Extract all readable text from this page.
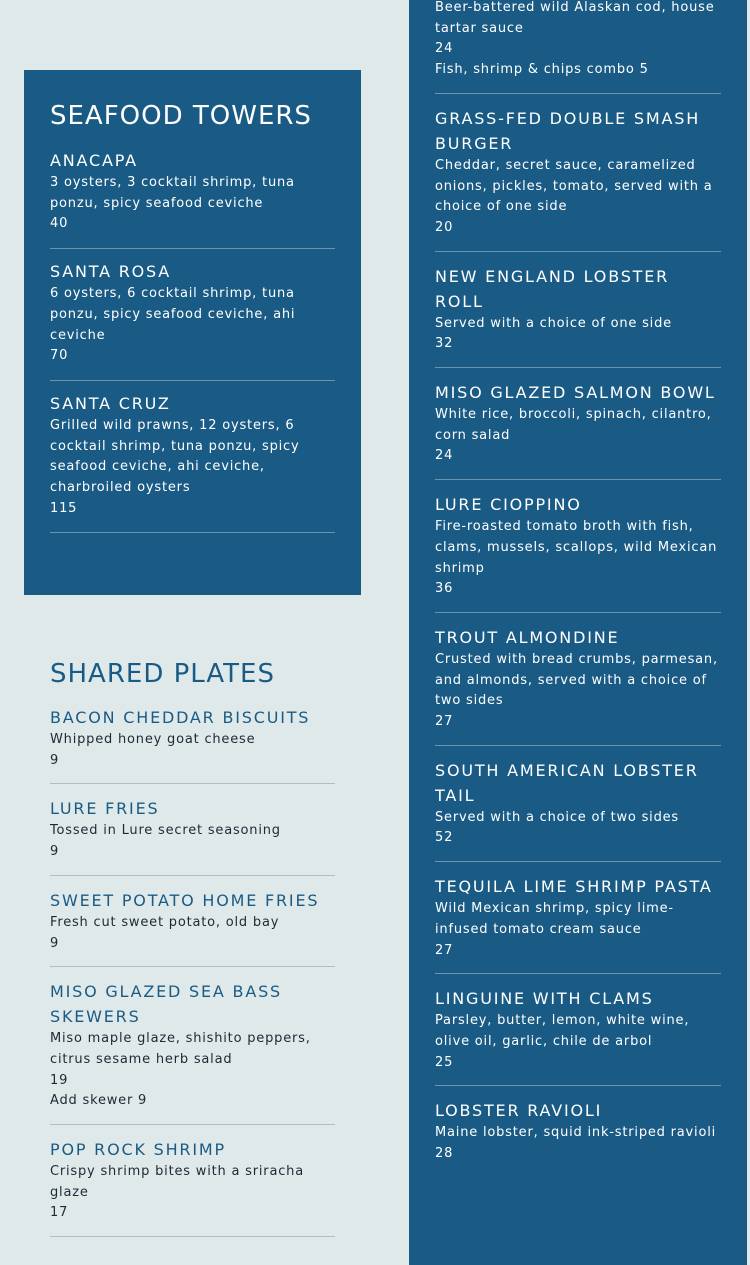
SEAFOOD TOWERS
ANACAPA
3 oysters, 3 cocktail shrimp, tuna ponzu, spicy seafood ceviche
40
SANTA ROSA
6 oysters, 6 cocktail shrimp, tuna ponzu, spicy seafood ceviche, ahi ceviche
70
SANTA CRUZ
Grilled wild prawns, 12 oysters, 6 cocktail shrimp, tuna ponzu, spicy seafood ceviche, ahi ceviche, charbroiled oysters
115
SHARED PLATES
BACON CHEDDAR BISCUITS
Whipped honey goat cheese
9
LURE FRIES
Tossed in Lure secret seasoning
9
SWEET POTATO HOME FRIES
Fresh cut sweet potato, old bay
9
MISO GLAZED SEA BASS SKEWERS
Miso maple glaze, shishito peppers, citrus sesame herb salad
19
Add skewer 9
POP ROCK SHRIMP
Crispy shrimp bites with a sriracha glaze
17
Beer-battered wild Alaskan cod, house tartar sauce
24
Fish, shrimp & chips combo 5
GRASS-FED DOUBLE SMASH BURGER
Cheddar, secret sauce, caramelized onions, pickles, tomato, served with a choice of one side
20
NEW ENGLAND LOBSTER ROLL
Served with a choice of one side
32
MISO GLAZED SALMON BOWL
White rice, broccoli, spinach, cilantro, corn salad
24
LURE CIOPPINO
Fire-roasted tomato broth with fish, clams, mussels, scallops, wild Mexican shrimp
36
TROUT ALMONDINE
Crusted with bread crumbs, parmesan, and almonds, served with a choice of two sides
27
SOUTH AMERICAN LOBSTER TAIL
Served with a choice of two sides
52
TEQUILA LIME SHRIMP PASTA
Wild Mexican shrimp, spicy lime-infused tomato cream sauce
27
LINGUINE WITH CLAMS
Parsley, butter, lemon, white wine, olive oil, garlic, chile de arbol
25
LOBSTER RAVIOLI
Maine lobster, squid ink-striped ravioli
28
